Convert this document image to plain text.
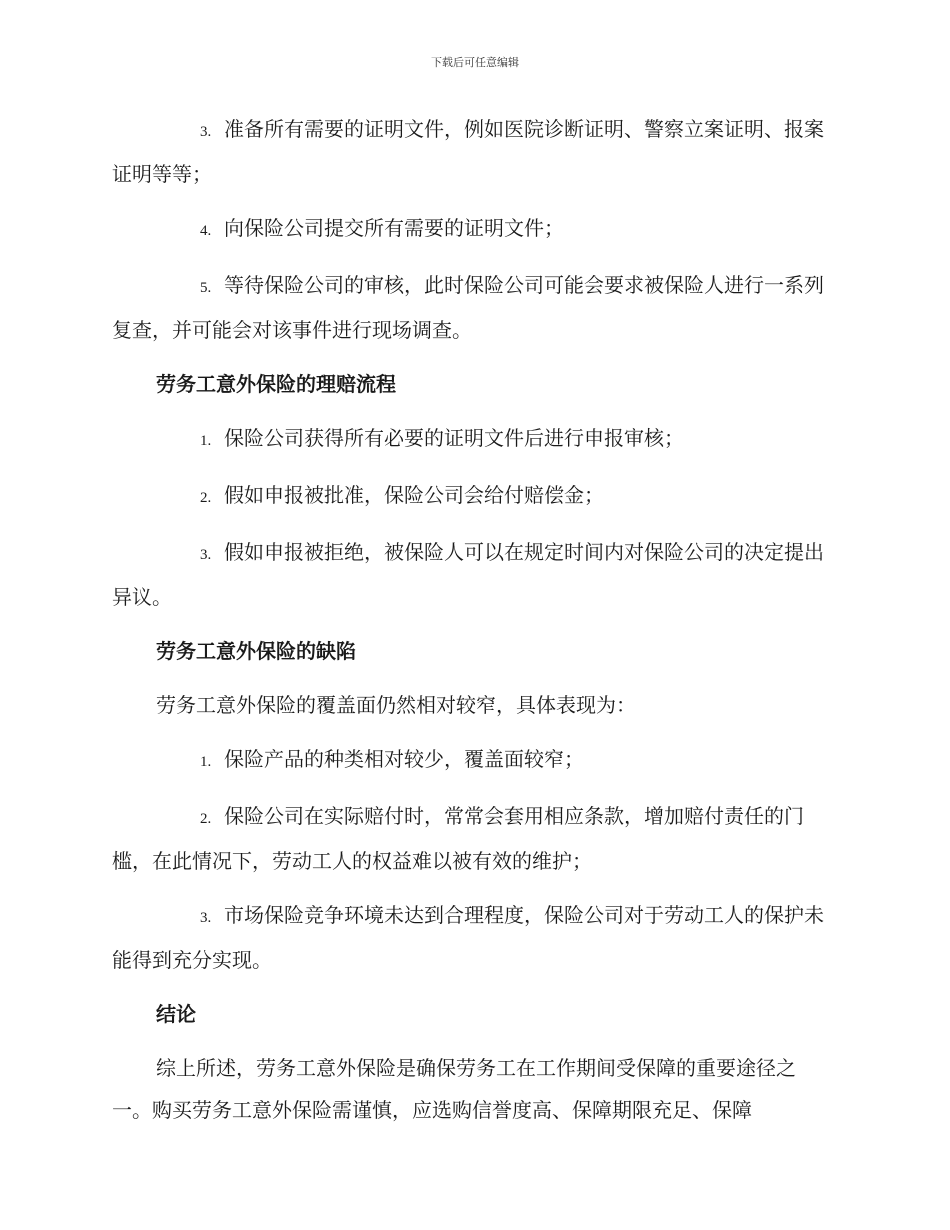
下载后可任意编辑

3. 准备所有需要的证明文件，例如医院诊断证明、警察立案证明、报案证明等等；

4. 向保险公司提交所有需要的证明文件；

5. 等待保险公司的审核，此时保险公司可能会要求被保险人进行一系列复查，并可能会对该事件进行现场调查。

劳务工意外保险的理赔流程

1. 保险公司获得所有必要的证明文件后进行申报审核；

2. 假如申报被批准，保险公司会给付赔偿金；

3. 假如申报被拒绝，被保险人可以在规定时间内对保险公司的决定提出异议。

劳务工意外保险的缺陷

劳务工意外保险的覆盖面仍然相对较窄，具体表现为：

1. 保险产品的种类相对较少，覆盖面较窄；

2. 保险公司在实际赔付时，常常会套用相应条款，增加赔付责任的门槛，在此情况下，劳动工人的权益难以被有效的维护；

3. 市场保险竞争环境未达到合理程度，保险公司对于劳动工人的保护未能得到充分实现。

结论

综上所述，劳务工意外保险是确保劳务工在工作期间受保障的重要途径之一。购买劳务工意外保险需谨慎，应选购信誉度高、保障期限充足、保障
